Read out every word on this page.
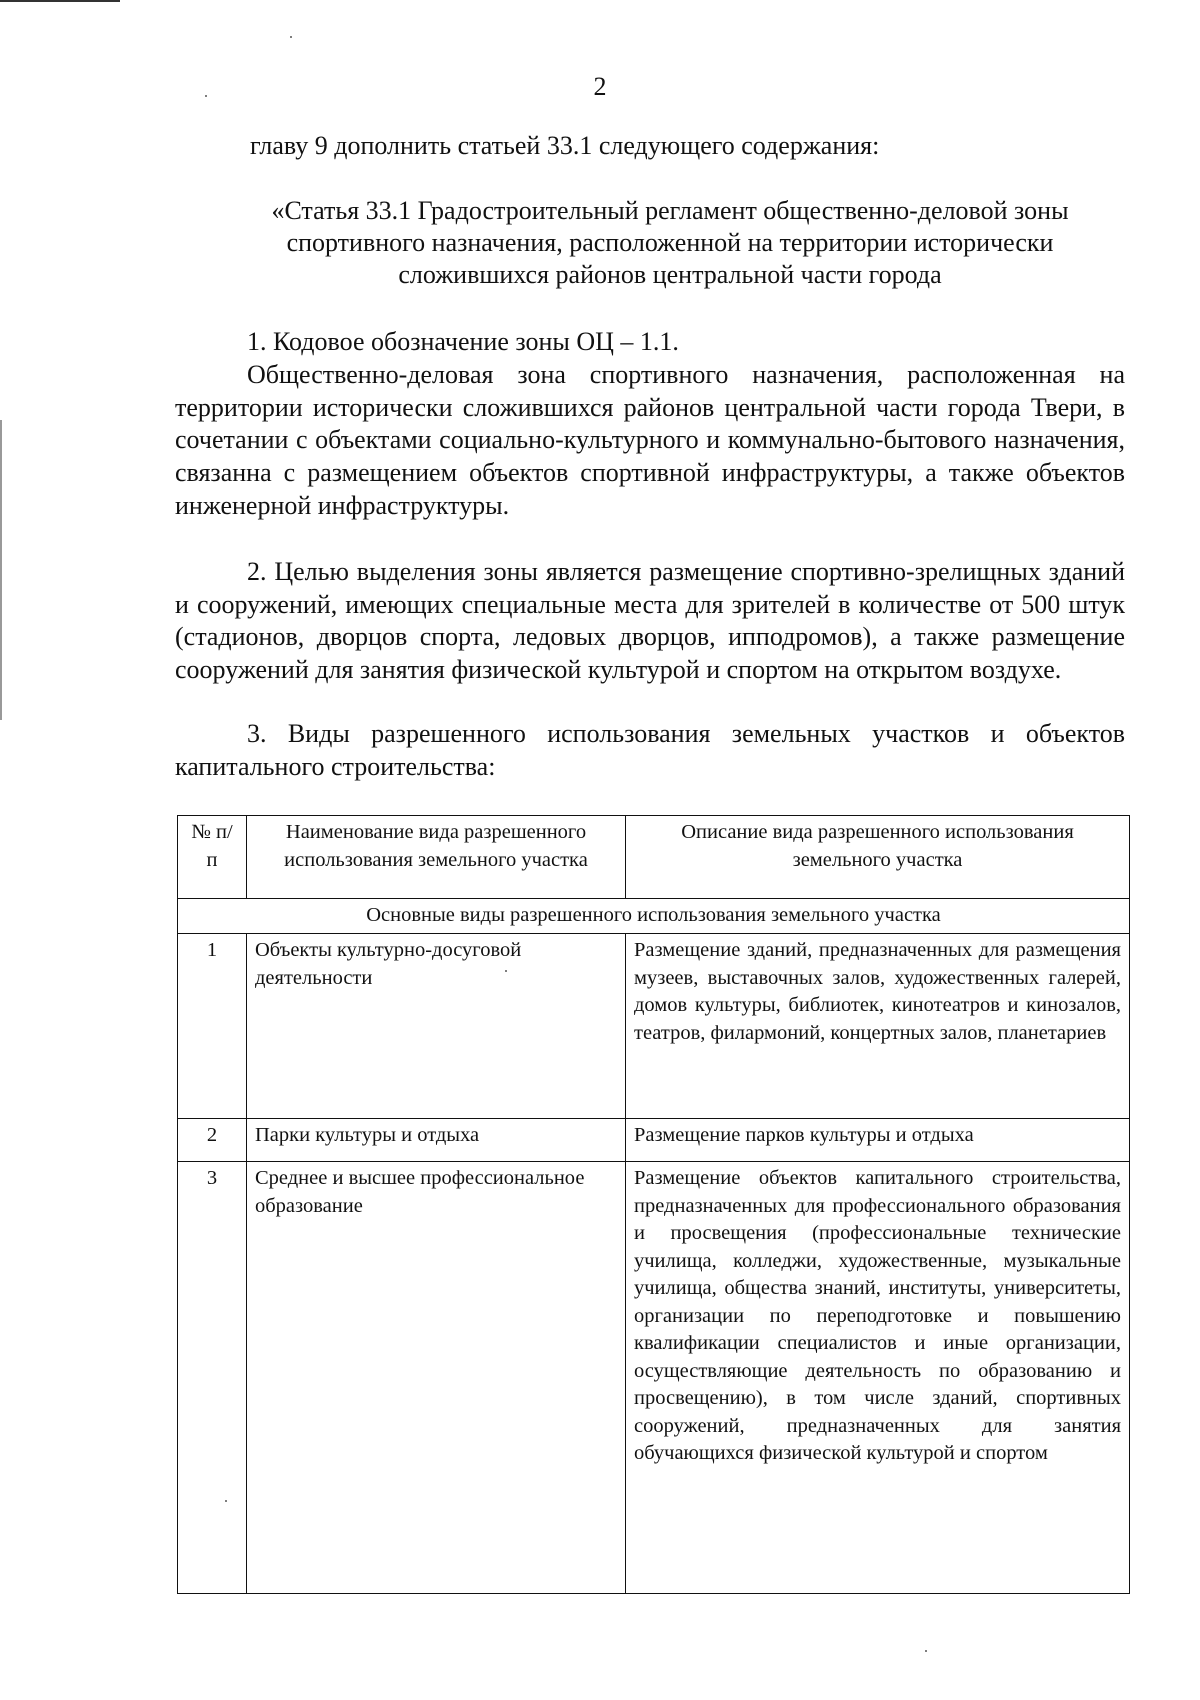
2
главу 9 дополнить статьей 33.1 следующего содержания:
«Статья 33.1 Градостроительный регламент общественно-деловой зоны спортивного назначения, расположенной на территории исторически сложившихся районов центральной части города
1. Кодовое обозначение зоны ОЦ – 1.1.
Общественно-деловая зона спортивного назначения, расположенная на территории исторически сложившихся районов центральной части города Твери, в сочетании с объектами социально-культурного и коммунально-бытового назначения, связанна с размещением объектов спортивной инфраструктуры, а также объектов инженерной инфраструктуры.
2. Целью выделения зоны является размещение спортивно-зрелищных зданий и сооружений, имеющих специальные места для зрителей в количестве от 500 штук (стадионов, дворцов спорта, ледовых дворцов, ипподромов), а также размещение сооружений для занятия физической культурой и спортом на открытом воздухе.
3. Виды разрешенного использования земельных участков и объектов капитального строительства:
№ п/п	Наименование вида разрешенного использования земельного участка	Описание вида разрешенного использования земельного участка
Основные виды разрешенного использования земельного участка		
1	Объекты культурно-досуговой деятельности	Размещение зданий, предназначенных для размещения музеев, выставочных залов, художественных галерей, домов культуры, библиотек, кинотеатров и кинозалов, театров, филармоний, концертных залов, планетариев
2	Парки культуры и отдыха	Размещение парков культуры и отдыха
3	Среднее и высшее профессиональное образование	Размещение объектов капитального строительства, предназначенных для профессионального образования и просвещения (профессиональные технические училища, колледжи, художественные, музыкальные училища, общества знаний, институты, университеты, организации по переподготовке и повышению квалификации специалистов и иные организации, осуществляющие деятельность по образованию и просвещению), в том числе зданий, спортивных сооружений, предназначенных для занятия обучающихся физической культурой и спортом
